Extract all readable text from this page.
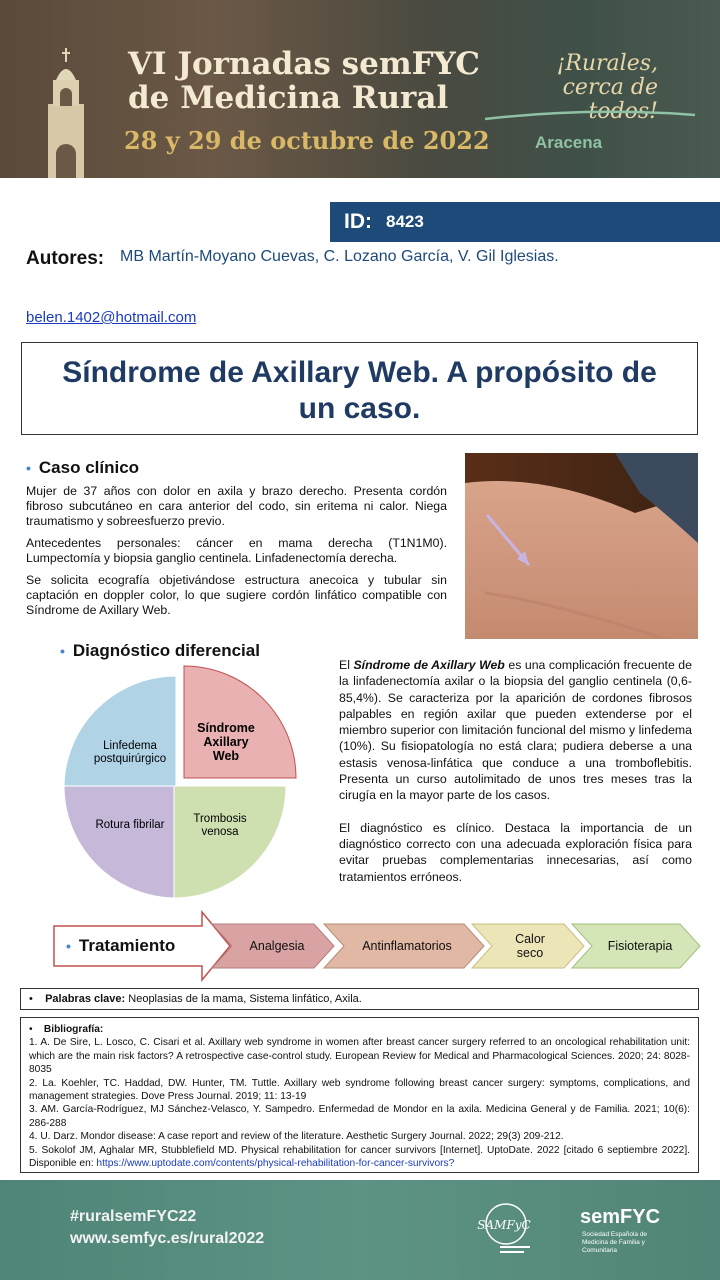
VI Jornadas semFYC
de Medicina Rural
28 y 29 de octubre de 2022
¡Rurales,
cerca de todos!
Aracena
ID: 8423
Autores: MB Martín-Moyano Cuevas, C. Lozano García, V. Gil Iglesias.
belen.1402@hotmail.com
Síndrome de Axillary Web. A propósito de un caso.
• Caso clínico

Mujer de 37 años con dolor en axila y brazo derecho. Presenta cordón fibroso subcutáneo en cara anterior del codo, sin eritema ni calor. Niega traumatismo y sobreesfuerzo previo.

Antecedentes personales: cáncer en mama derecha (T1N1M0). Lumpectomía y biopsia ganglio centinela. Linfadenectomía derecha.

Se solicita ecografía objetivándose estructura anecoica y tubular sin captación en doppler color, lo que sugiere cordón linfático compatible con Síndrome de Axillary Web.

• Diagnóstico diferencial
Síndrome
Axillary
Web
Linfedema
postquirúrgico
Rotura fibrilar	Trombosis
venosa

El Síndrome de Axillary Web es una complicación frecuente de la linfadenectomía axilar o la biopsia del ganglio centinela (0,6-85,4%). Se caracteriza por la aparición de cordones fibrosos palpables en región axilar que pueden extenderse por el miembro superior con limitación funcional del mismo y linfedema (10%). Su fisiopatología no está clara; pudiera deberse a una estasis venosa-linfática que conduce a una tromboflebitis. Presenta un curso autolimitado de unos tres meses tras la cirugía en la mayor parte de los casos.

El diagnóstico es clínico. Destaca la importancia de un diagnóstico correcto con una adecuada exploración física para evitar pruebas complementarias innecesarias, así como tratamientos erróneos.

• Tratamiento	Analgesia	Antinflamatorios	Calor
seco	Fisioterapia
•    Palabras clave: Neoplasias de la mama, Sistema linfático, Axila.

•    Bibliografía:

1. A. De Sire, L. Losco, C. Cisari et al. Axillary web syndrome in women after breast cancer surgery referred to an oncological rehabilitation unit: which are the main risk factors? A retrospective case-control study. European Review for Medical and Pharmacological Sciences. 2020; 24: 8028-8035

2. La. Koehler, TC. Haddad, DW. Hunter, TM. Tuttle. Axillary web syndrome following breast cancer surgery: symptoms, complications, and management strategies. Dove Press Journal. 2019; 11: 13-19

3. AM. García-Rodríguez, MJ Sánchez-Velasco, Y. Sampedro. Enfermedad de Mondor en la axila. Medicina General y de Familia. 2021; 10(6): 286-288

4. U. Darz. Mondor disease: A case report and review of the literature. Aesthetic Surgery Journal. 2022; 29(3) 209-212.

5. Sokolof JM, Aghalar MR, Stubblefield MD. Physical rehabilitation for cancer survivors [Internet]. UptoDate. 2022 [citado 6 septiembre 2022]. Disponible en: https://www.uptodate.com/contents/physical-rehabilitation-for-cancer-survivors?

#ruralsemFYC22
www.semfyc.es/rural2022
SAMFyC semFYC
Sociedad Española de Medicina de Familia y Comunitaria
